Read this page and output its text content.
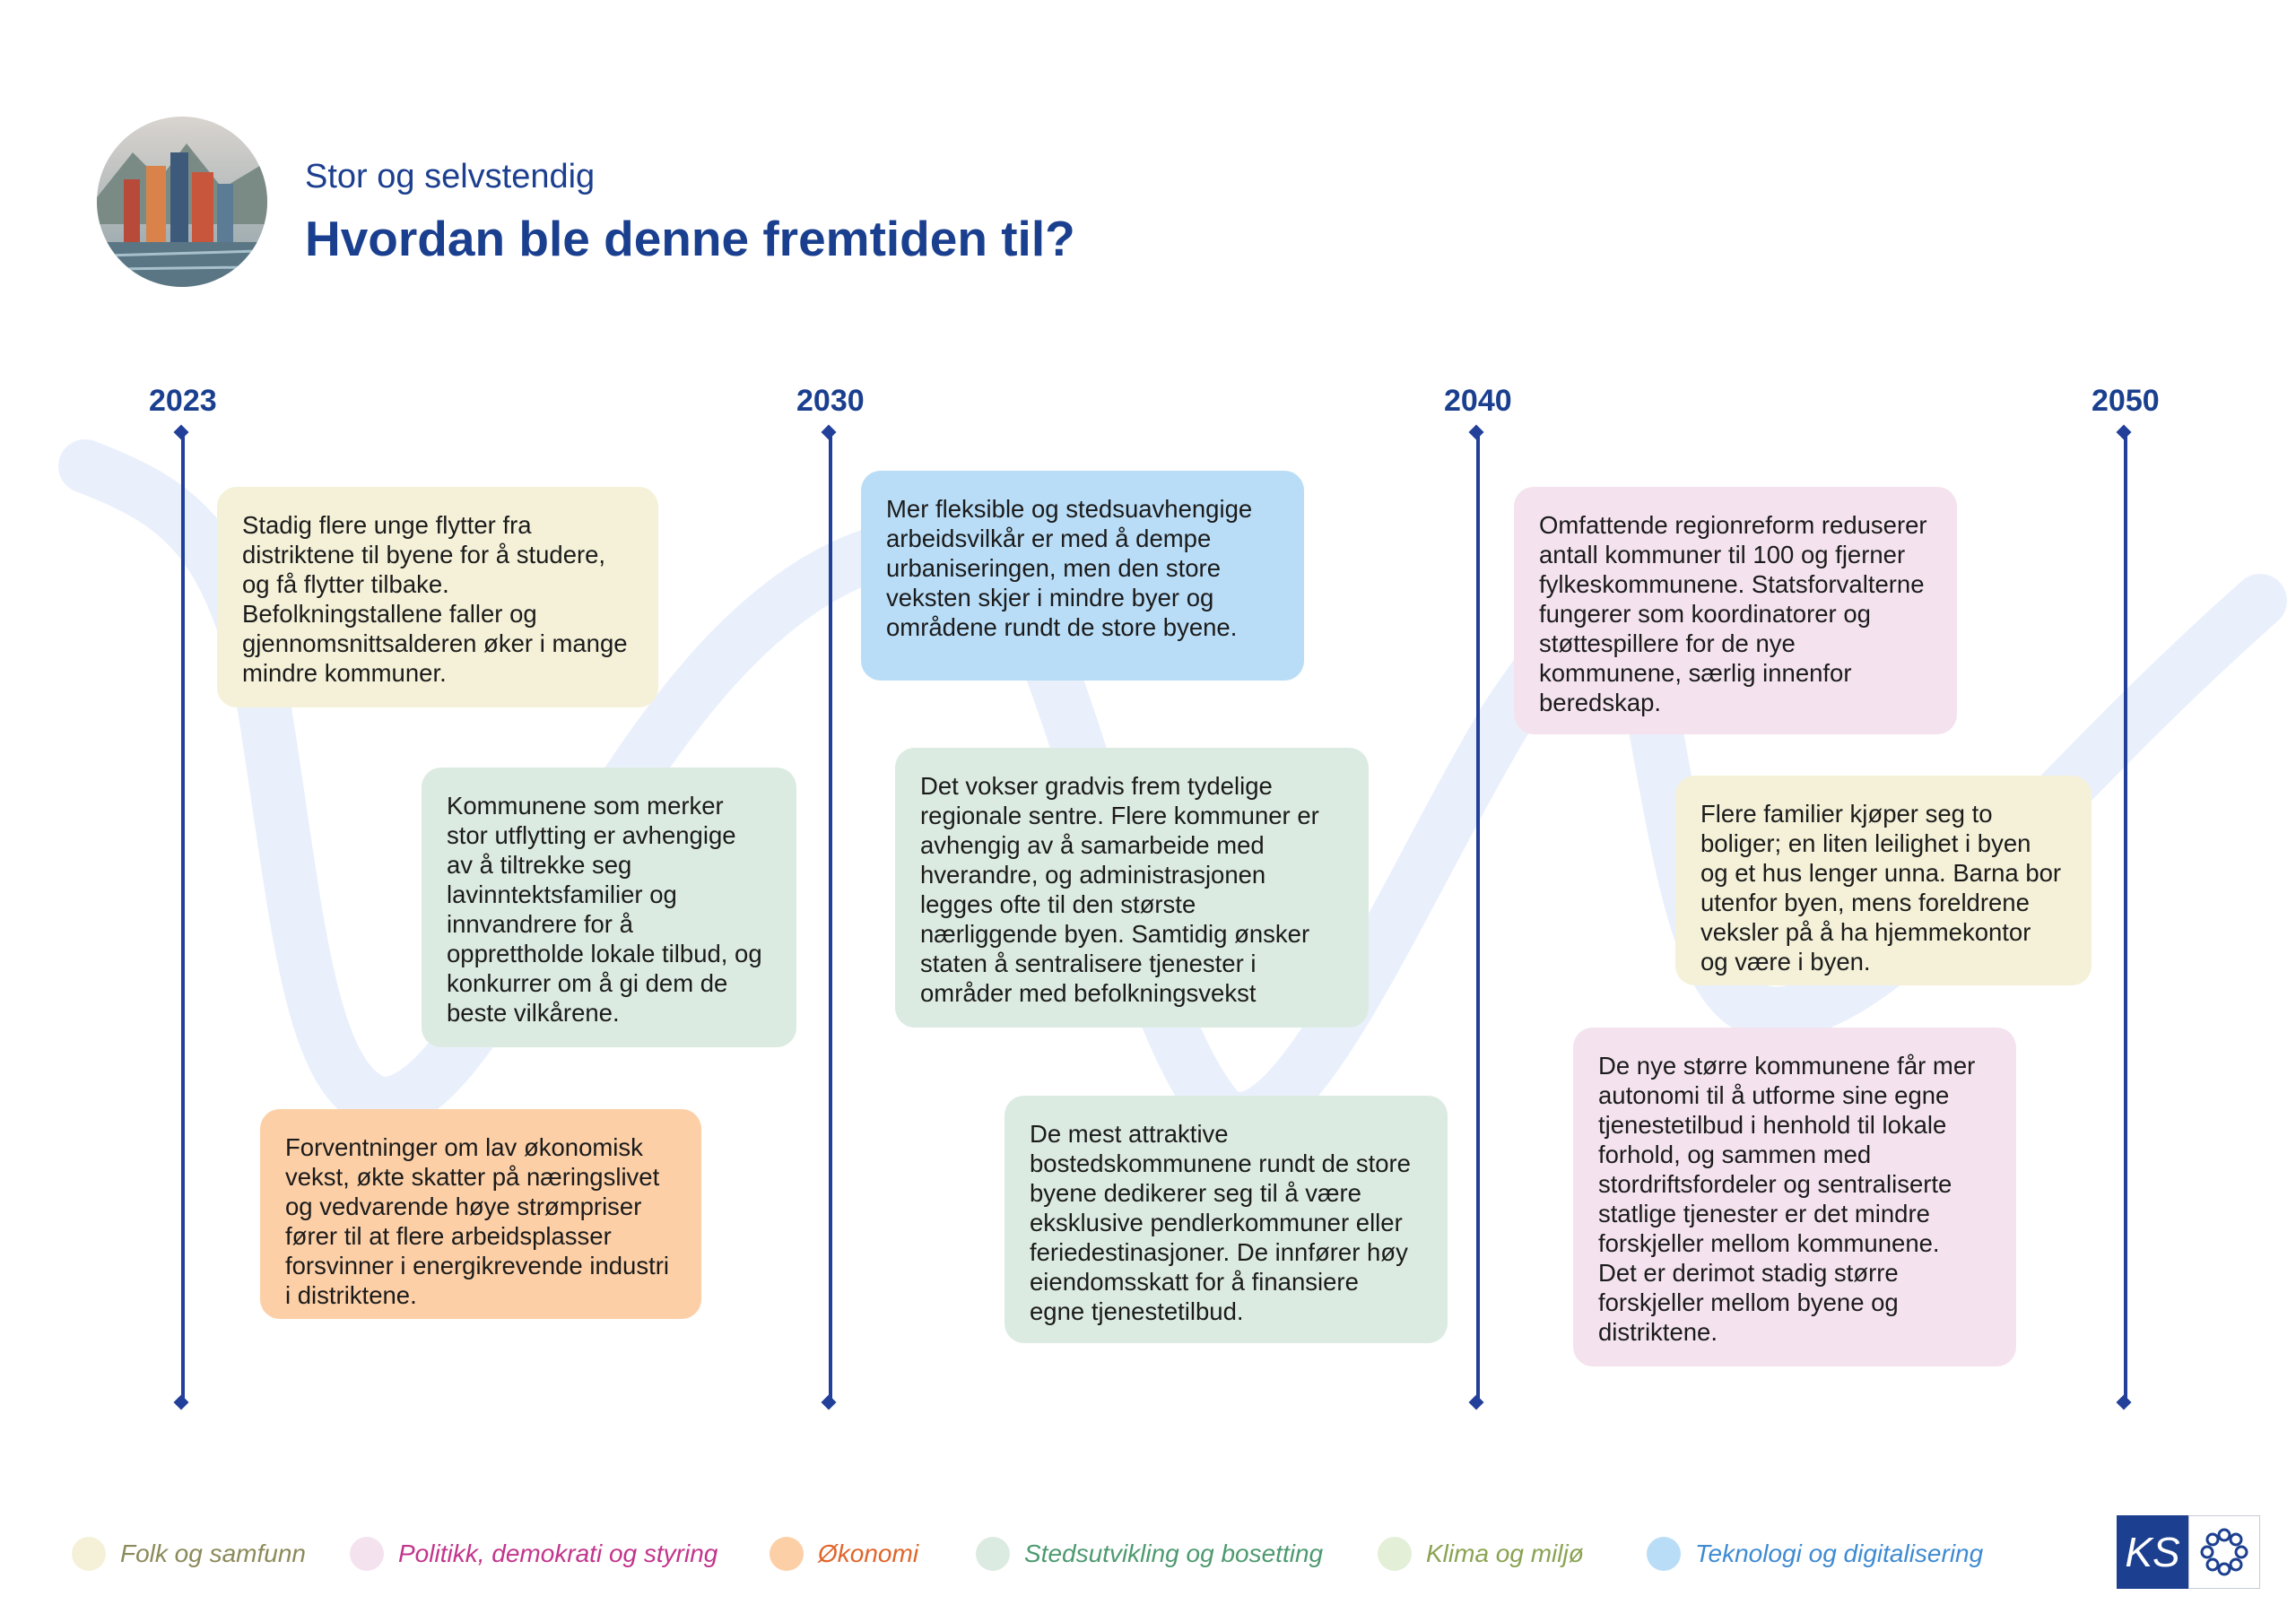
Stor og selvstendig
Hvordan ble denne fremtiden til?
2023	2030	2040	2050

Stadig flere unge flytter fra
distriktene til byene for å studere,
og få flytter tilbake.
Befolkningstallene faller og
gjennomsnittsalderen øker i mange
mindre kommuner.

Kommunene som merker
stor utflytting er avhengige
av å tiltrekke seg
lavinntektsfamilier og
innvandrere for å
opprettholde lokale tilbud, og
konkurrer om å gi dem de
beste vilkårene.

Forventninger om lav økonomisk
vekst, økte skatter på næringslivet
og vedvarende høye strømpriser
fører til at flere arbeidsplasser
forsvinner i energikrevende industri
i distriktene.

Mer fleksible og stedsuavhengige
arbeidsvilkår er med å dempe
urbaniseringen, men den store
veksten skjer i mindre byer og
områdene rundt de store byene.

Det vokser gradvis frem tydelige
regionale sentre. Flere kommuner er
avhengig av å samarbeide med
hverandre, og administrasjonen
legges ofte til den største
nærliggende byen. Samtidig ønsker
staten å sentralisere tjenester i
områder med befolkningsvekst

De mest attraktive
bostedskommunene rundt de store
byene dedikerer seg til å være
eksklusive pendlerkommuner eller
feriedestinasjoner. De innfører høy
eiendomsskatt for å finansiere
egne tjenestetilbud.

Omfattende regionreform reduserer
antall kommuner til 100 og fjerner
fylkeskommunene. Statsforvalterne
fungerer som koordinatorer og
støttespillere for de nye
kommunene, særlig innenfor
beredskap.

Flere familier kjøper seg to
boliger; en liten leilighet i byen
og et hus lenger unna. Barna bor
utenfor byen, mens foreldrene
veksler på å ha hjemmekontor
og være i byen.

De nye større kommunene får mer
autonomi til å utforme sine egne
tjenestetilbud i henhold til lokale
forhold, og sammen med
stordriftsfordeler og sentraliserte
statlige tjenester er det mindre
forskjeller mellom kommunene.
Det er derimot stadig større
forskjeller mellom byene og
distriktene.

Folk og samfunn	Politikk, demokrati og styring	Økonomi	Stedsutvikling og bosetting	Klima og miljø	Teknologi og digitalisering	KS
